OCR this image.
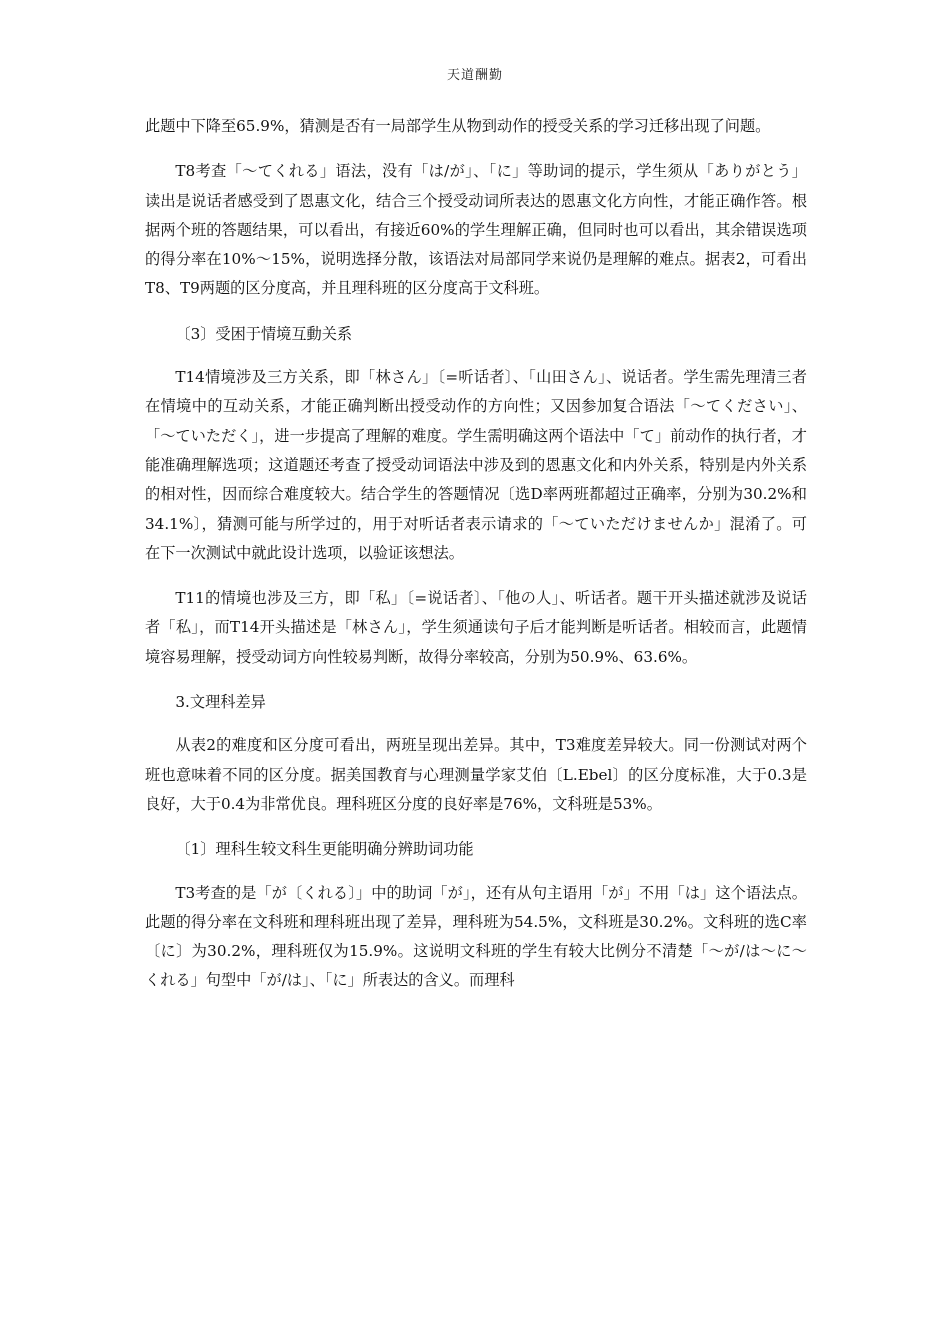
天道酬勤

此题中下降至65.9%，猜测是否有一局部学生从物到动作的授受关系的学习迁移出现了问题。

T8考查「～てくれる」语法，没有「は/が」、「に」等助词的提示，学生须从「ありがとう」读出是说话者感受到了恩惠文化，结合三个授受动词所表达的恩惠文化方向性，才能正确作答。根据两个班的答题结果，可以看出，有接近60%的学生理解正确，但同时也可以看出，其余错误选项的得分率在10%～15%，说明选择分散，该语法对局部同学来说仍是理解的难点。据表2，可看出T8、T9两题的区分度高，并且理科班的区分度高于文科班。

〔3〕受困于情境互動关系

T14情境涉及三方关系，即「林さん」〔=听话者〕、「山田さん」、说话者。学生需先理清三者在情境中的互动关系，才能正确判断出授受动作的方向性；又因参加复合语法「～てください」、「～ていただく」，进一步提高了理解的难度。学生需明确这两个语法中「て」前动作的执行者，才能准确理解选项；这道题还考查了授受动词语法中涉及到的恩惠文化和内外关系，特别是内外关系的相对性，因而综合难度较大。结合学生的答题情况〔选D率两班都超过正确率，分别为30.2%和34.1%〕，猜测可能与所学过的，用于对听话者表示请求的「～ていただけませんか」混淆了。可在下一次测试中就此设计选项，以验证该想法。

T11的情境也涉及三方，即「私」〔=说话者〕、「他の人」、听话者。题干开头描述就涉及说话者「私」，而T14开头描述是「林さん」，学生须通读句子后才能判断是听话者。相较而言，此题情境容易理解，授受动词方向性较易判断，故得分率较高，分别为50.9%、63.6%。

3.文理科差异

从表2的难度和区分度可看出，两班呈现出差异。其中，T3难度差异较大。同一份测试对两个班也意味着不同的区分度。据美国教育与心理测量学家艾伯〔L.Ebel〕的区分度标准，大于0.3是良好，大于0.4为非常优良。理科班区分度的良好率是76%，文科班是53%。

〔1〕理科生较文科生更能明确分辨助词功能

T3考查的是「が〔くれる〕」中的助词「が」，还有从句主语用「が」不用「は」这个语法点。此题的得分率在文科班和理科班出现了差异，理科班为54.5%，文科班是30.2%。文科班的选C率〔に〕为30.2%，理科班仅为15.9%。这说明文科班的学生有较大比例分不清楚「～が/は～に～くれる」句型中「が/は」、「に」所表达的含义。而理科
